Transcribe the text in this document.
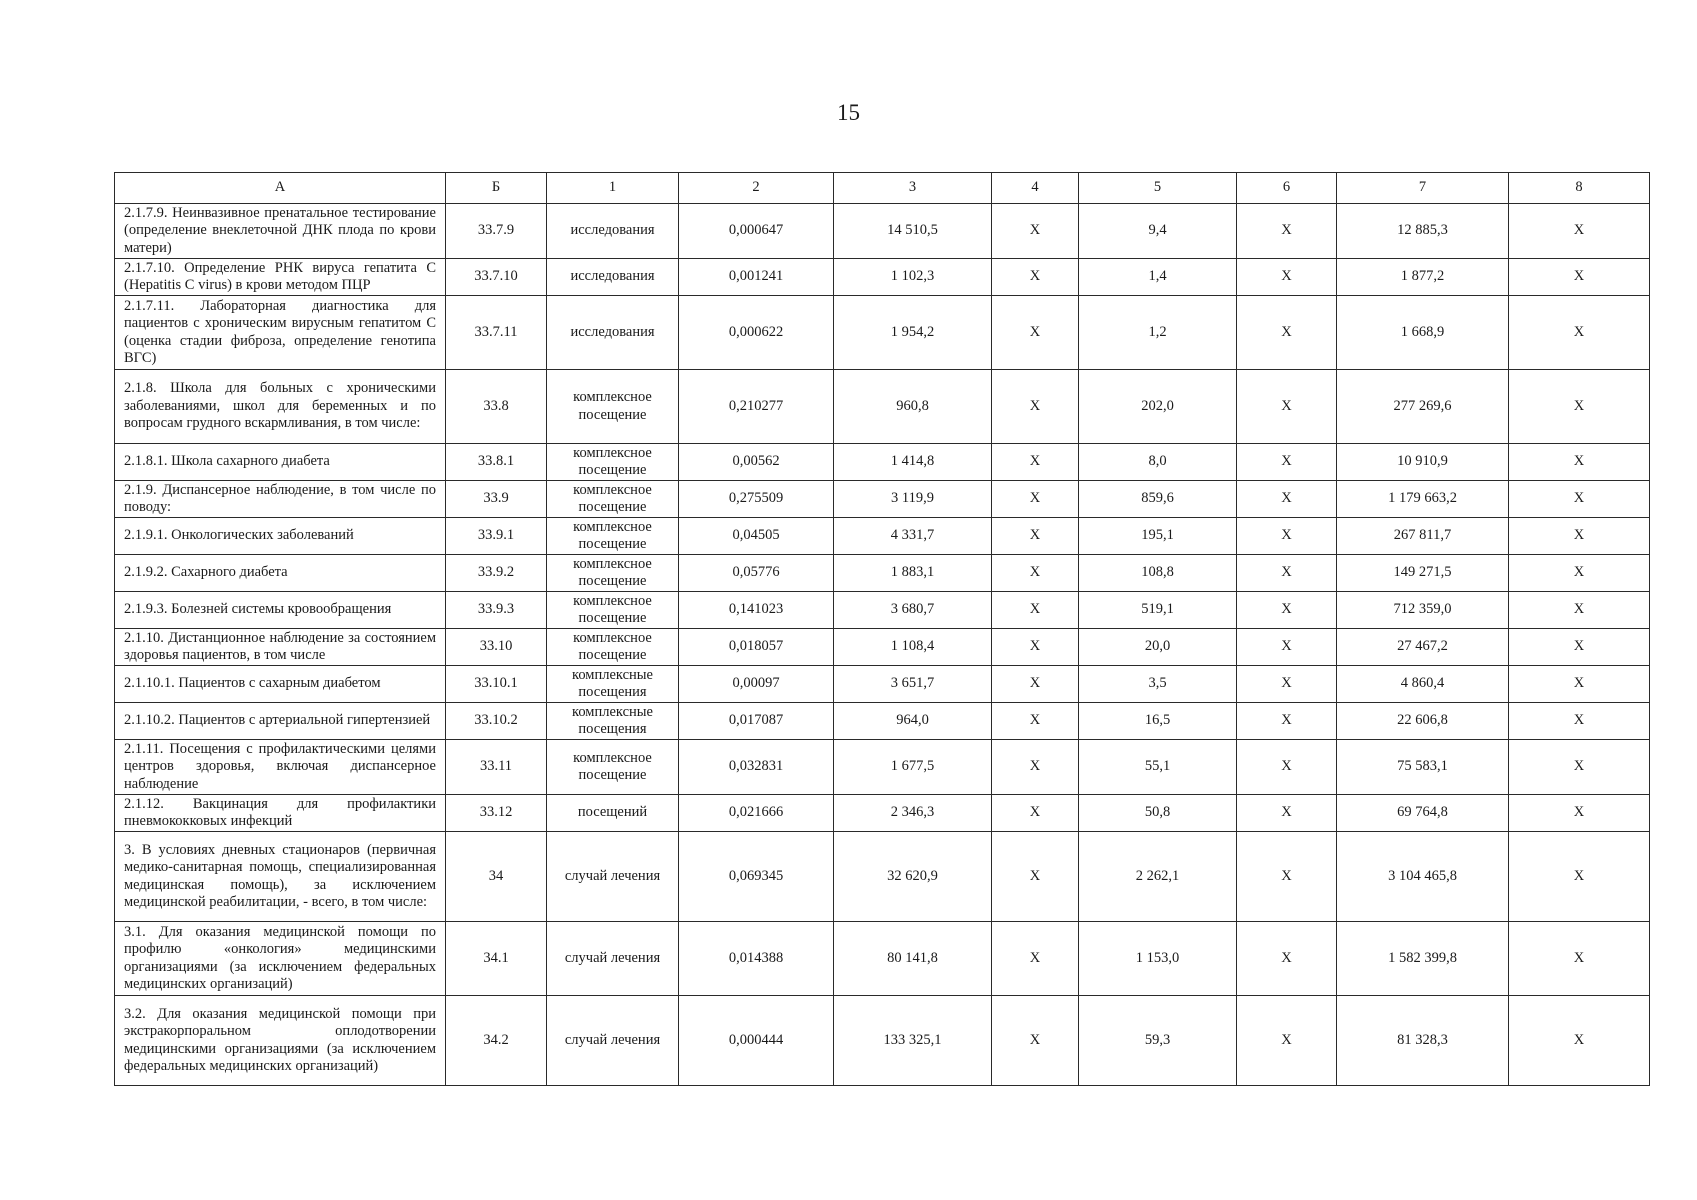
15
А	Б	1	2	3	4	5	6	7	8
2.1.7.9. Неинвазивное пренатальное тестирование (определение внеклеточной ДНК плода по крови матери)	33.7.9	исследования	0,000647	14 510,5	Х	9,4	Х	12 885,3	Х
2.1.7.10. Определение РНК вируса гепатита С (Hepatitis C virus) в крови методом ПЦР	33.7.10	исследования	0,001241	1 102,3	Х	1,4	Х	1 877,2	Х
2.1.7.11. Лабораторная диагностика для пациентов с хроническим вирусным гепатитом С (оценка стадии фиброза, определение генотипа ВГС)	33.7.11	исследования	0,000622	1 954,2	Х	1,2	Х	1 668,9	Х
2.1.8. Школа для больных с хроническими заболеваниями, школ для беременных и по вопросам грудного вскармливания, в том числе:	33.8	комплексное посещение	0,210277	960,8	Х	202,0	Х	277 269,6	Х
2.1.8.1. Школа сахарного диабета	33.8.1	комплексное посещение	0,00562	1 414,8	Х	8,0	Х	10 910,9	Х
2.1.9. Диспансерное наблюдение, в том числе по поводу:	33.9	комплексное посещение	0,275509	3 119,9	Х	859,6	Х	1 179 663,2	Х
2.1.9.1. Онкологических заболеваний	33.9.1	комплексное посещение	0,04505	4 331,7	Х	195,1	Х	267 811,7	Х
2.1.9.2. Сахарного диабета	33.9.2	комплексное посещение	0,05776	1 883,1	Х	108,8	Х	149 271,5	Х
2.1.9.3. Болезней системы кровообращения	33.9.3	комплексное посещение	0,141023	3 680,7	Х	519,1	Х	712 359,0	Х
2.1.10. Дистанционное наблюдение за состоянием здоровья пациентов, в том числе	33.10	комплексное посещение	0,018057	1 108,4	Х	20,0	Х	27 467,2	Х
2.1.10.1. Пациентов с сахарным диабетом	33.10.1	комплексные посещения	0,00097	3 651,7	Х	3,5	Х	4 860,4	Х
2.1.10.2. Пациентов с артериальной гипертензией	33.10.2	комплексные посещения	0,017087	964,0	Х	16,5	Х	22 606,8	Х
2.1.11. Посещения с профилактическими целями центров здоровья, включая диспансерное наблюдение	33.11	комплексное посещение	0,032831	1 677,5	Х	55,1	Х	75 583,1	Х
2.1.12. Вакцинация для профилактики пневмококковых инфекций	33.12	посещений	0,021666	2 346,3	Х	50,8	Х	69 764,8	Х
3. В условиях дневных стационаров (первичная медико-санитарная помощь, специализированная медицинская помощь), за исключением медицинской реабилитации, - всего, в том числе:	34	случай лечения	0,069345	32 620,9	Х	2 262,1	Х	3 104 465,8	Х
3.1. Для оказания медицинской помощи по профилю «онкология» медицинскими организациями (за исключением федеральных медицинских организаций)	34.1	случай лечения	0,014388	80 141,8	Х	1 153,0	Х	1 582 399,8	Х
3.2. Для оказания медицинской помощи при экстракорпоральном оплодотворении медицинскими организациями (за исключением федеральных медицинских организаций)	34.2	случай лечения	0,000444	133 325,1	Х	59,3	Х	81 328,3	Х
